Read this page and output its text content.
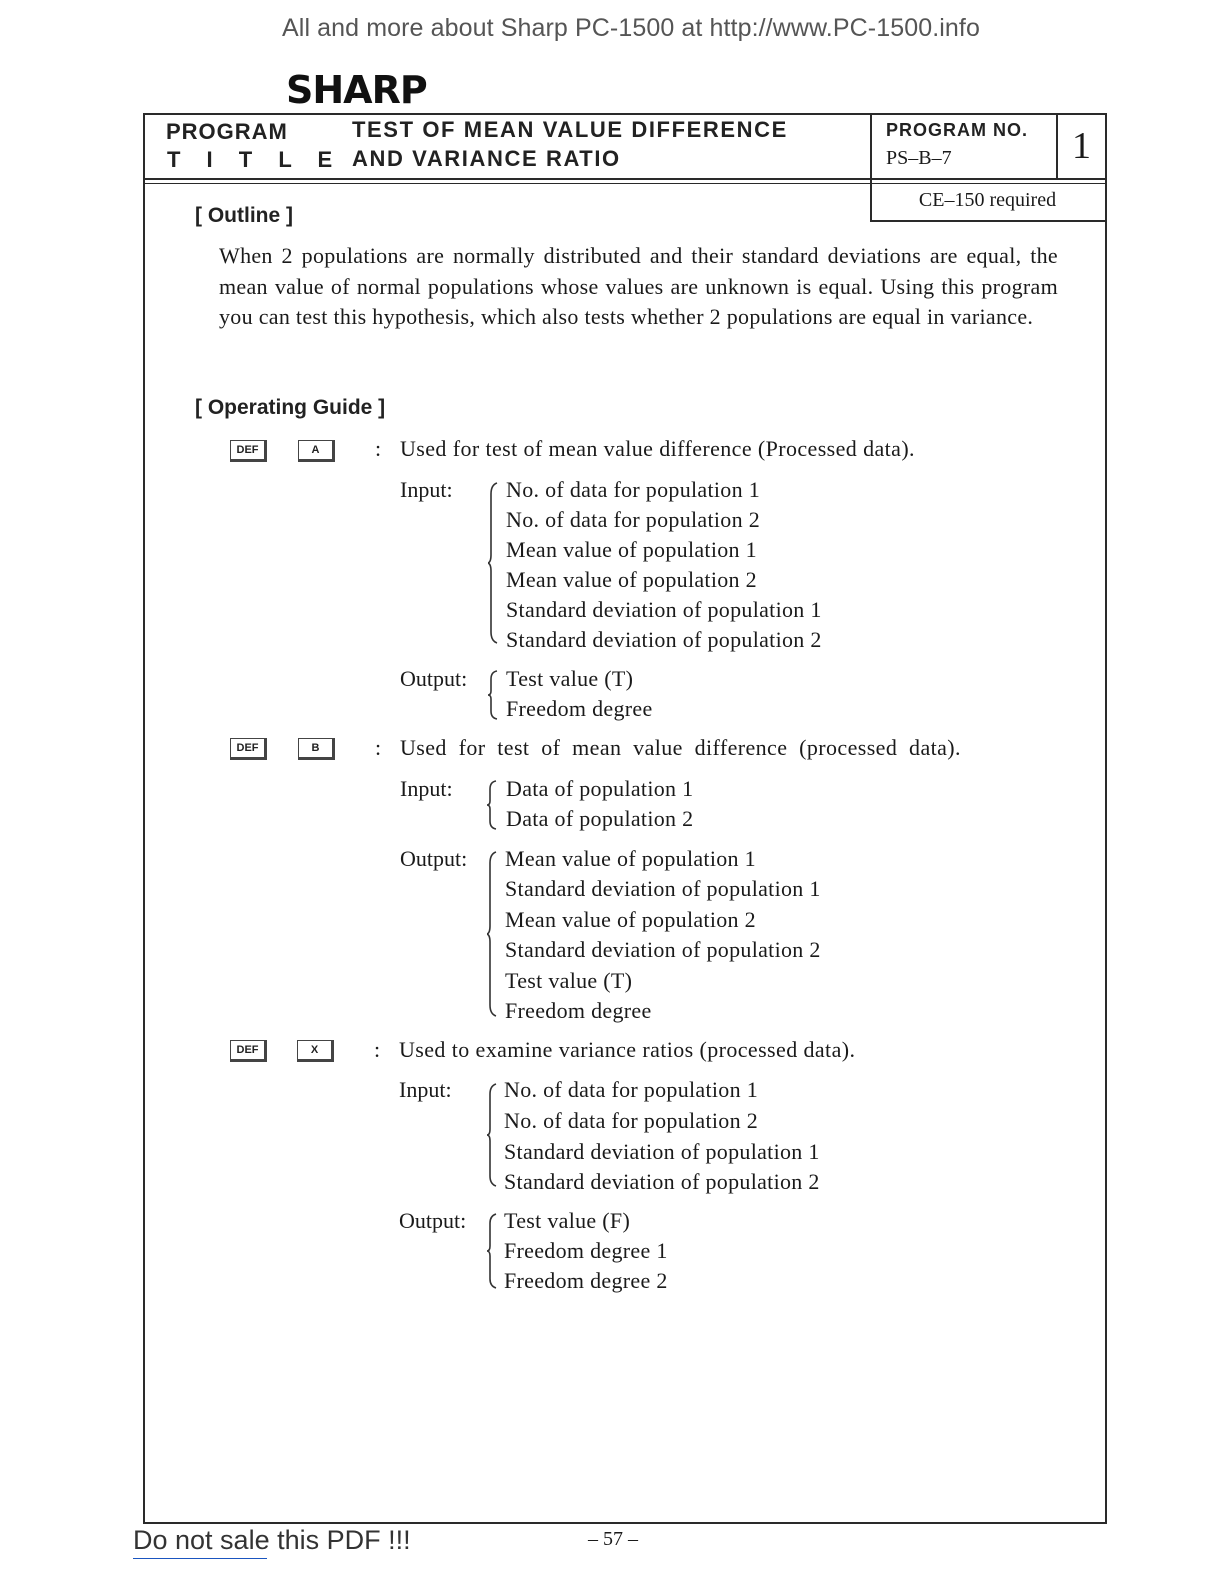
All and more about Sharp PC-1500 at http://www.PC-1500.info
SHARP
PROGRAM
T I T L E
TEST OF MEAN VALUE DIFFERENCE
AND VARIANCE RATIO
PROGRAM NO.
PS–B–7	1
CE–150 required
[ Outline ]
When 2 populations are normally distributed and their standard deviations are equal, the mean value of normal populations whose values are unknown is equal. Using this program you can test this hypothesis, which also tests whether 2 populations are equal in variance.
[ Operating Guide ]
DEF	A	: Used for test of mean value difference (Processed data).
Input: No. of data for population 1
No. of data for population 2
Mean value of population 1
Mean value of population 2
Standard deviation of population 1
Standard deviation of population 2
Output: Test value (T)
Freedom degree
DEF	B	: Used  for  test  of  mean  value  difference  (processed  data).
Input: Data of population 1
Data of population 2
Output: Mean value of population 1
Standard deviation of population 1
Mean value of population 2
Standard deviation of population 2
Test value (T)
Freedom degree
DEF	X	: Used to examine variance ratios (processed data).
Input: No. of data for population 1
No. of data for population 2
Standard deviation of population 1
Standard deviation of population 2
Output: Test value (F)
Freedom degree 1
Freedom degree 2
Do not sale this PDF !!!	– 57 –
